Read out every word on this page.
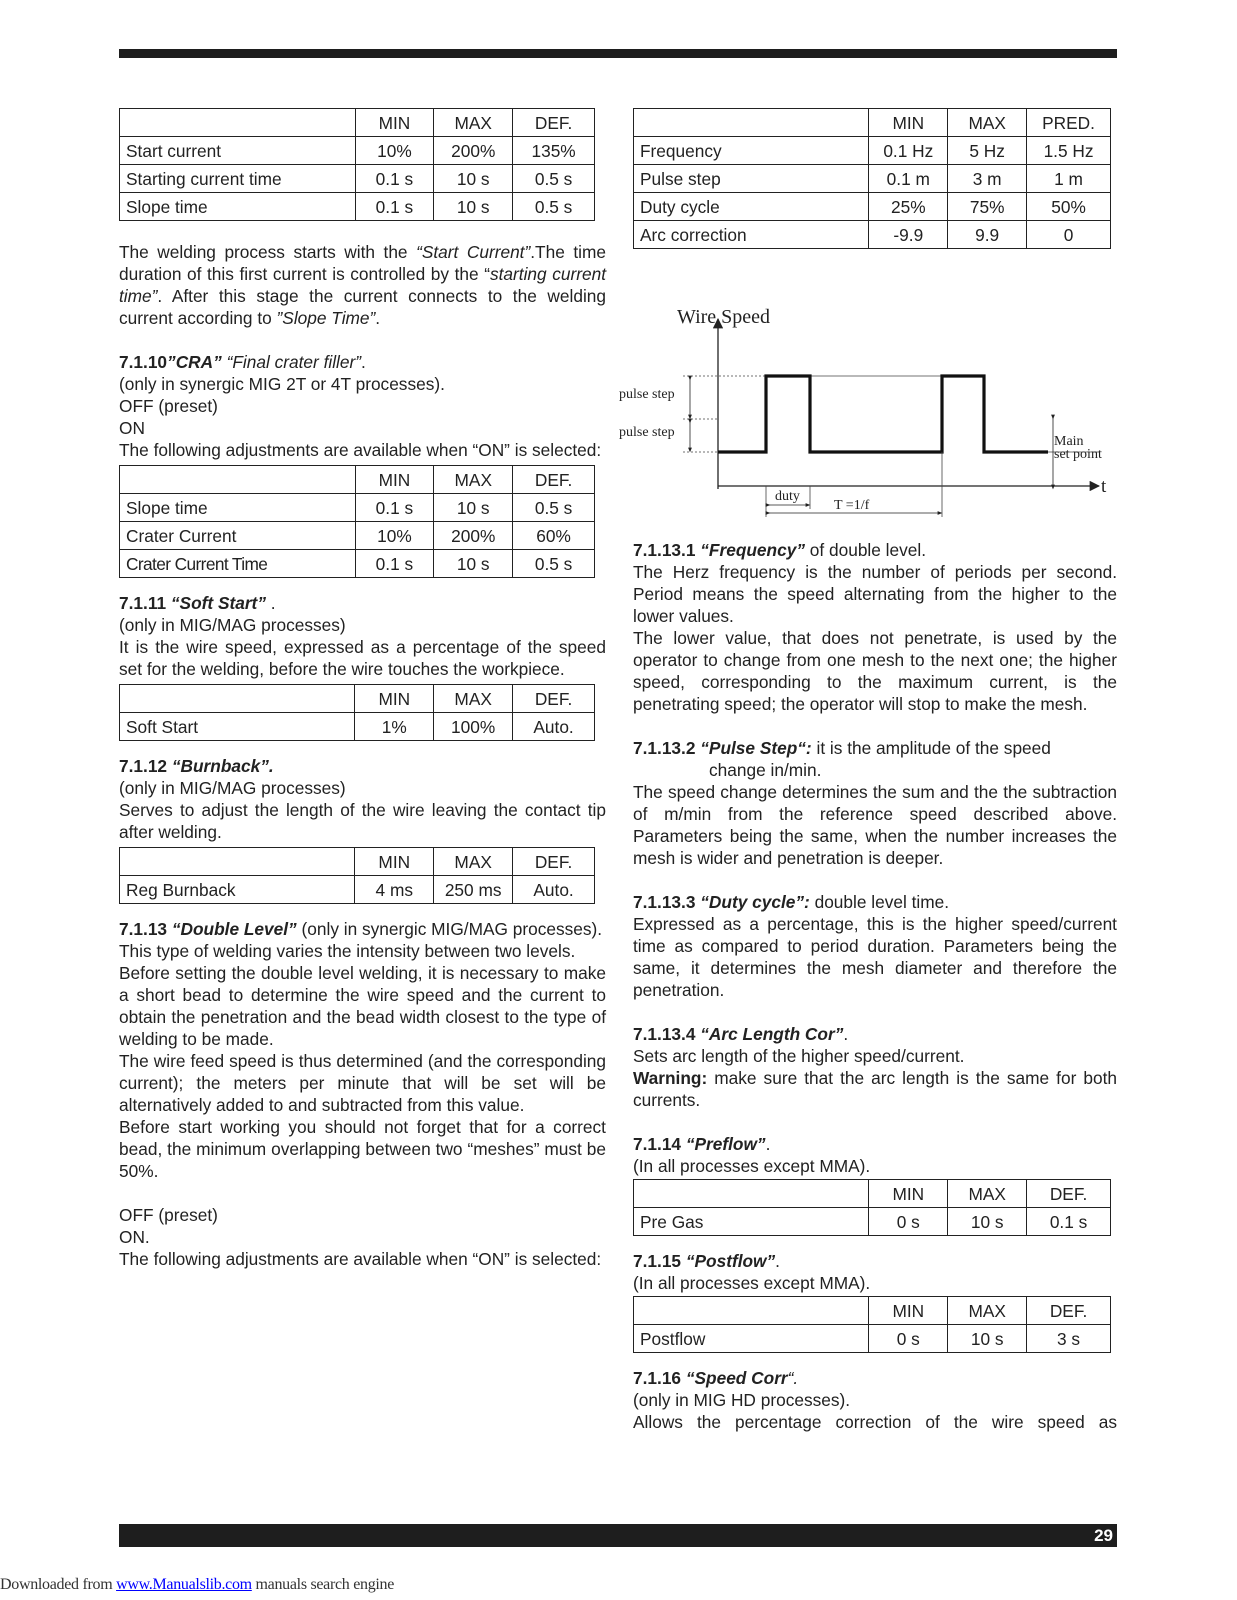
	MIN	MAX	DEF.
Start current	10%	200%	135%
Starting current time	0.1 s	10 s	0.5 s
Slope time	0.1 s	10 s	0.5 s

The welding process starts with the “Start Current”.The time duration of this first current is controlled by the “starting current time”. After this stage the current connects to the welding current according to ”Slope Time”.

7.1.10”CRA” “Final crater filler”.

(only in synergic MIG 2T or 4T processes).

OFF (preset)

ON

The following adjustments are available when “ON” is selected:

	MIN	MAX	DEF.
Slope time	0.1 s	10 s	0.5 s
Crater Current	10%	200%	60%
Crater Current Time	0.1 s	10 s	0.5 s

7.1.11 “Soft Start” .

(only in MIG/MAG processes)

It is the wire speed, expressed as a percentage of the speed set for the welding, before the wire touches the workpiece.

	MIN	MAX	DEF.
Soft Start	1%	100%	Auto.

7.1.12 “Burnback”.

(only in MIG/MAG processes)

Serves to adjust the length of the wire leaving the contact tip after welding.

	MIN	MAX	DEF.
Reg Burnback	4 ms	250 ms	Auto.

7.1.13 “Double Level” (only in synergic MIG/MAG processes).

This type of welding varies the intensity between two levels.

Before setting the double level welding, it is necessary to make a short bead to determine the wire speed and the current to obtain the penetration and the bead width closest to the type of welding to be made.

The wire feed speed is thus determined (and the corresponding current); the meters per minute that will be set will be alternatively added to and subtracted from this value.

Before start working you should not forget that for a correct bead, the minimum overlapping between two “meshes” must be 50%.

OFF (preset)

ON.

The following adjustments are available when “ON” is selected:

	MIN	MAX	PRED.
Frequency	0.1 Hz	5 Hz	1.5 Hz
Pulse step	0.1 m	3 m	1 m
Duty cycle	25%	75%	50%
Arc correction	-9.9	9.9	0
Wire Speed
t
pulse step
pulse step
Main
set point
duty
T =1/f

7.1.13.1 “Frequency” of double level.

The Herz frequency is the number of periods per second. Period means the speed alternating from the higher to the lower values.

The lower value, that does not penetrate, is used by the operator to change from one mesh to the next one; the higher speed, corresponding to the maximum current, is the penetrating speed; the operator will stop to make the mesh.

7.1.13.2 “Pulse Step“: it is the amplitude of the speed

change in/min.

The speed change determines the sum and the the subtraction of m/min from the reference speed described above. Parameters being the same, when the number increases the mesh is wider and penetration is deeper.

7.1.13.3 “Duty cycle”: double level time.

Expressed as a percentage, this is the higher speed/current time as compared to period duration. Parameters being the same, it determines the mesh diameter and therefore the penetration.

7.1.13.4 “Arc Length Cor”.

Sets arc length of the higher speed/current.

Warning: make sure that the arc length is the same for both currents.

7.1.14 “Preflow”.

(In all processes except MMA).

	MIN	MAX	DEF.
Pre Gas	0 s	10 s	0.1 s

7.1.15 “Postflow”.

(In all processes except MMA).

	MIN	MAX	DEF.
Postflow	0 s	10 s	3 s

7.1.16 “Speed Corr“.

(only in MIG HD processes).

Allows the percentage correction of the wire speed as

29
Downloaded from www.Manualslib.com manuals search engine
